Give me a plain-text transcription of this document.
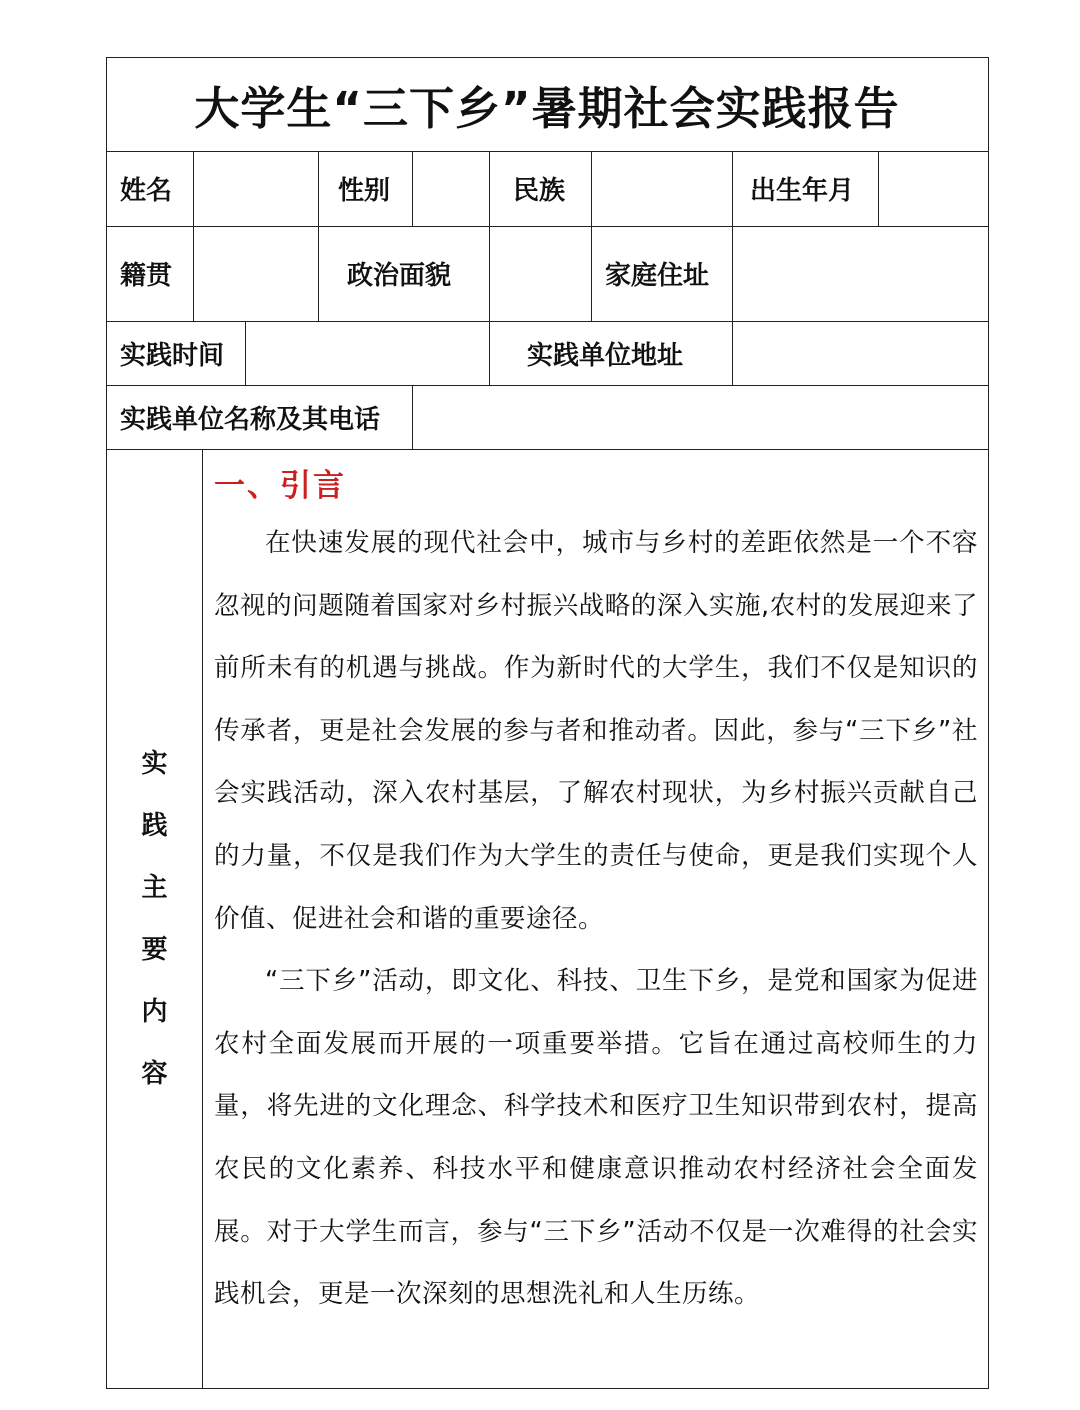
大学生“三下乡”暑期社会实践报告
姓名	性别	民族	出生年月
籍贯	政治面貌	家庭住址
实践时间	实践单位地址
实践单位名称及其电话
实
践
主
要
内
容
一、引言

在快速发展的现代社会中，城市与乡村的差距依然是一个不容忽视的问题随着国家对乡村振兴战略的深入实施,农村的发展迎来了前所未有的机遇与挑战。作为新时代的大学生，我们不仅是知识的传承者，更是社会发展的参与者和推动者。因此，参与“三下乡”社会实践活动，深入农村基层，了解农村现状，为乡村振兴贡献自己的力量，不仅是我们作为大学生的责任与使命，更是我们实现个人价值、促进社会和谐的重要途径。

“三下乡”活动，即文化、科技、卫生下乡，是党和国家为促进农村全面发展而开展的一项重要举措。它旨在通过高校师生的力量，将先进的文化理念、科学技术和医疗卫生知识带到农村，提高农民的文化素养、科技水平和健康意识推动农村经济社会全面发展。对于大学生而言，参与“三下乡”活动不仅是一次难得的社会实践机会，更是一次深刻的思想洗礼和人生历练。
